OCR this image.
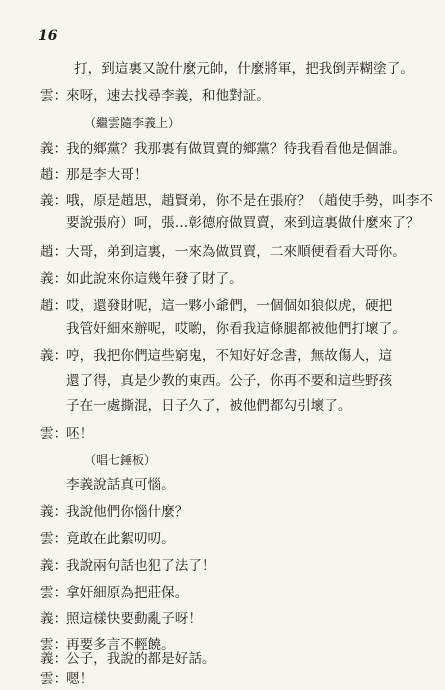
16
打，到這裏又說什麼元帥，什麼將軍，把我倒弄糊塗了。
雲：
來呀，速去找尋李義，和他對証。
（繼雲隨李義上）
義：
我的鄉黨？我那裏有做買賣的鄉黨？待我看看他是個誰。
趙：
那是李大哥！
義：
哦，原是趙思，趙賢弟，你不是在張府？（趙使手勢，叫李不
要說張府）呵，張…彰德府做買賣，來到這裏做什麼來了？
趙：
大哥，弟到這裏，一來為做買賣，二來順便看看大哥你。
義：
如此說來你這幾年發了財了。
趙：
哎，還發財呢，這一夥小爺們，一個個如狼似虎，硬把
我管奸細來辦呢，哎喲，你看我這條腿都被他們打壞了。
義：
哼，我把你們這些窮鬼，不知好好念書，無故傷人，這
還了得，真是少教的東西。公子，你再不要和這些野孩
子在一處撕混，日子久了，被他們都勾引壞了。
雲：
呸！
（唱七錘板）
李義說話真可惱。
義：
我說他們你惱什麼？
雲：
竟敢在此絮叨叨。
義：
我說兩句話也犯了法了！
雲：
拿奸細原為把莊保。
義：
照這樣快要動亂子呀！
雲：
再要多言不輕饒。
義：
公子，我說的都是好話。
雲：
嗯！
